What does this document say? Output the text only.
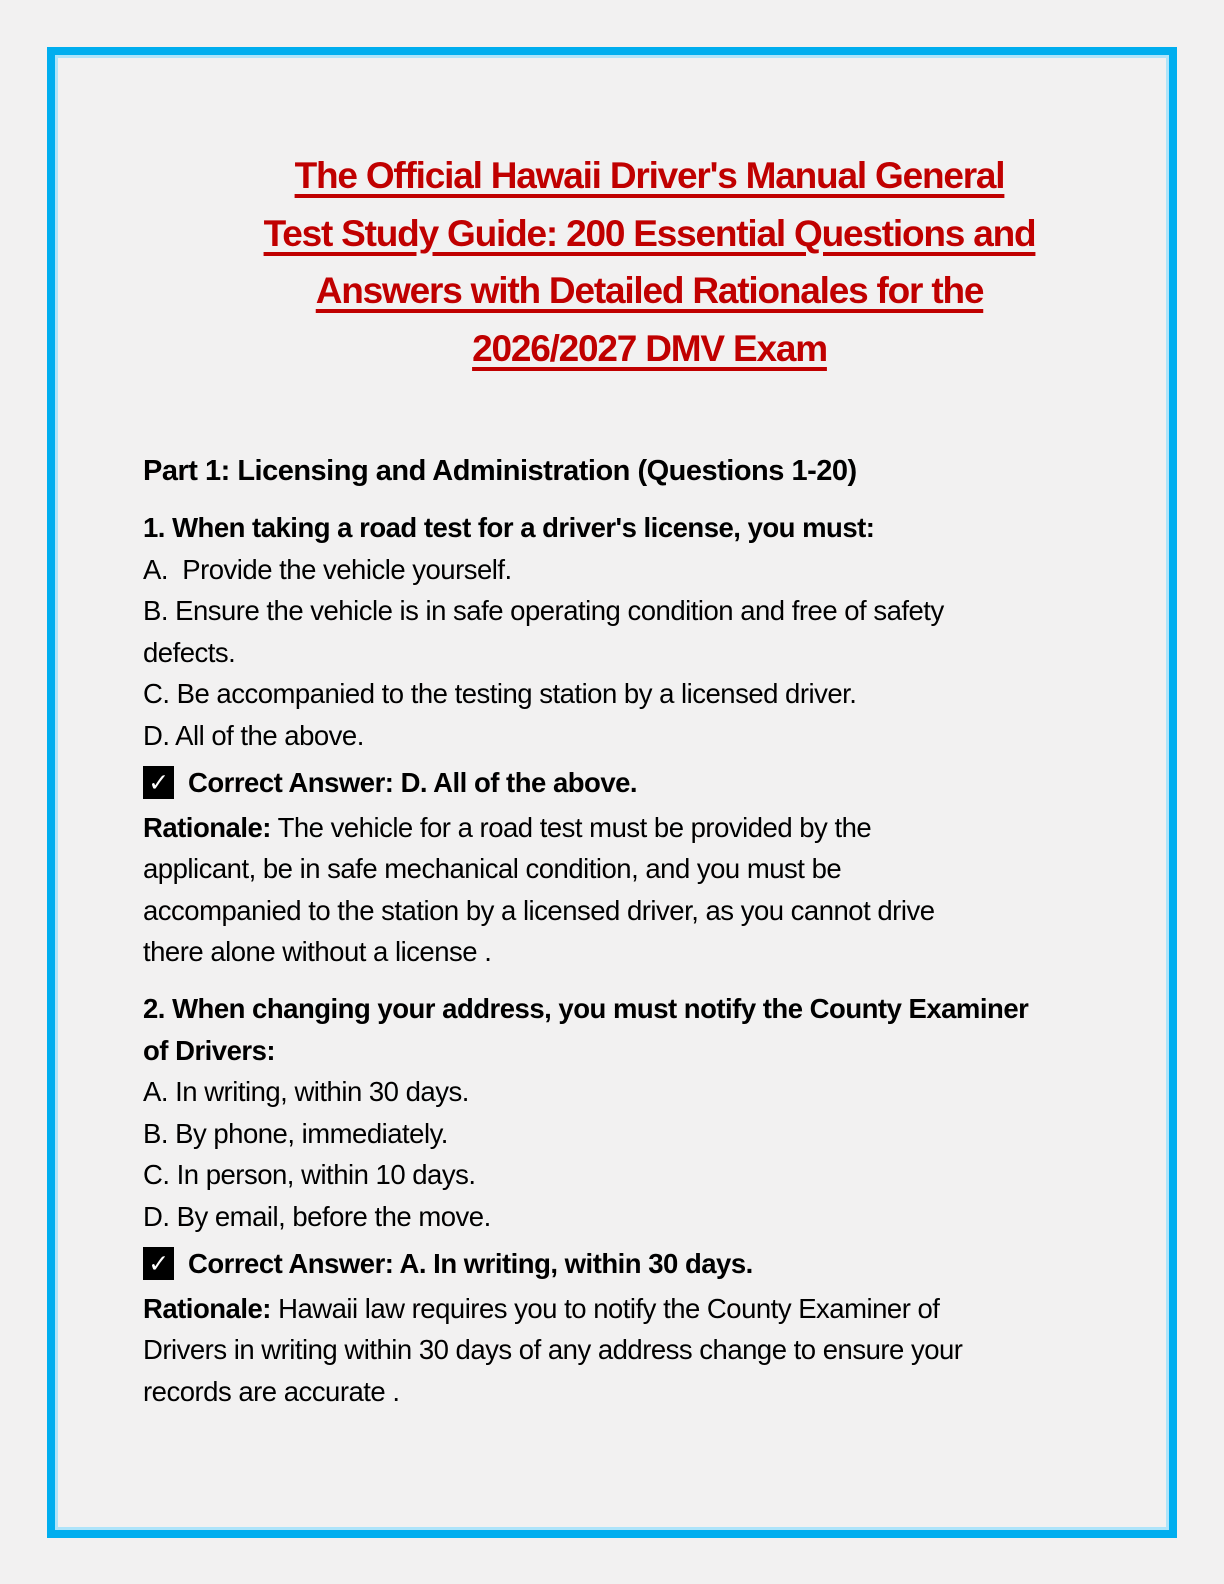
The Official Hawaii Driver's Manual General
Test Study Guide: 200 Essential Questions and
Answers with Detailed Rationales for the
2026/2027 DMV Exam
Part 1: Licensing and Administration (Questions 1-20)
1. When taking a road test for a driver's license, you must:
A.  Provide the vehicle yourself.
B. Ensure the vehicle is in safe operating condition and free of safety
defects.
C. Be accompanied to the testing station by a licensed driver.
D. All of the above.
✓ Correct Answer: D. All of the above.
Rationale: The vehicle for a road test must be provided by the
applicant, be in safe mechanical condition, and you must be
accompanied to the station by a licensed driver, as you cannot drive
there alone without a license .
2. When changing your address, you must notify the County Examiner
of Drivers:
A. In writing, within 30 days.
B. By phone, immediately.
C. In person, within 10 days.
D. By email, before the move.
✓ Correct Answer: A. In writing, within 30 days.
Rationale: Hawaii law requires you to notify the County Examiner of
Drivers in writing within 30 days of any address change to ensure your
records are accurate .
